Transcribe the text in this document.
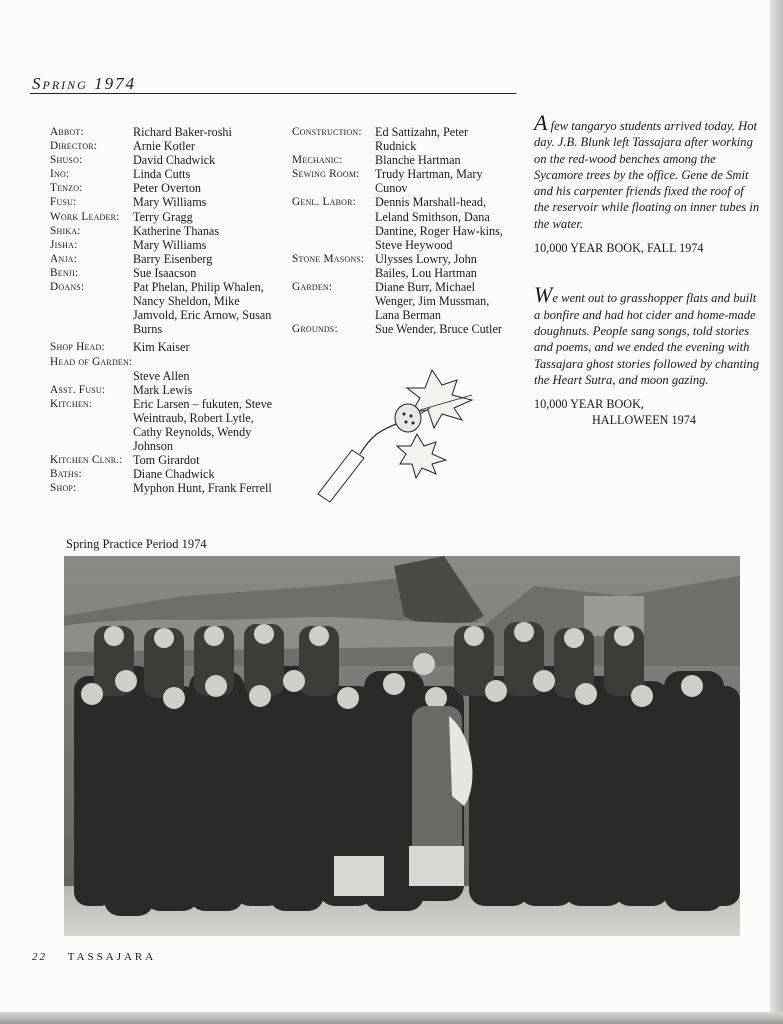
Spring 1974
Abbot:	Richard Baker-roshi
Director:	Arnie Kotler
Shuso:	David Chadwick
Ino:	Linda Cutts
Tenzo:	Peter Overton
Fusu:	Mary Williams
Work Leader:	Terry Gragg
Shika:	Katherine Thanas
Jisha:	Mary Williams
Anja:	Barry Eisenberg
Benji:	Sue Isaacson
Doans:	Pat Phelan, Philip Whalen, Nancy Sheldon, Mike Jamvold, Eric Arnow, Susan Burns
Shop Head:	Kim Kaiser
Head of Garden:
Steve Allen
Asst. Fusu:	Mark Lewis
Kitchen:	Eric Larsen – fukuten, Steve Weintraub, Robert Lytle, Cathy Reynolds, Wendy Johnson
Kitchen Clnr.: Tom Girardot
Baths:	Diane Chadwick
Shop:	Myphon Hunt, Frank Ferrell
Construction:	Ed Sattizahn, Peter Rudnick
Mechanic:	Blanche Hartman
Sewing Room:	Trudy Hartman, Mary Cunov
Genl. Labor:	Dennis Marshall-head, Leland Smithson, Dana Dantine, Roger Haw-kins, Steve Heywood
Stone Masons: Ulysses Lowry, John Bailes, Lou Hartman
Garden:	Diane Burr, Michael Wenger, Jim Mussman, Lana Berman
Grounds:	Sue Wender, Bruce Cutler
A few tangaryo students arrived today. Hot day. J.B. Blunk left Tassajara after working on the red-wood benches among the Sycamore trees by the office. Gene de Smit and his carpenter friends fixed the roof of the reservoir while floating on inner tubes in the water.
10,000 YEAR BOOK, FALL 1974
We went out to grasshopper flats and built a bonfire and had hot cider and home-made doughnuts. People sang songs, told stories and poems, and we ended the evening with Tassajara ghost stories followed by chanting the Heart Sutra, and moon gazing.
10,000 YEAR BOOK,
HALLOWEEN 1974
Spring Practice Period 1974
22 TASSAJARA
